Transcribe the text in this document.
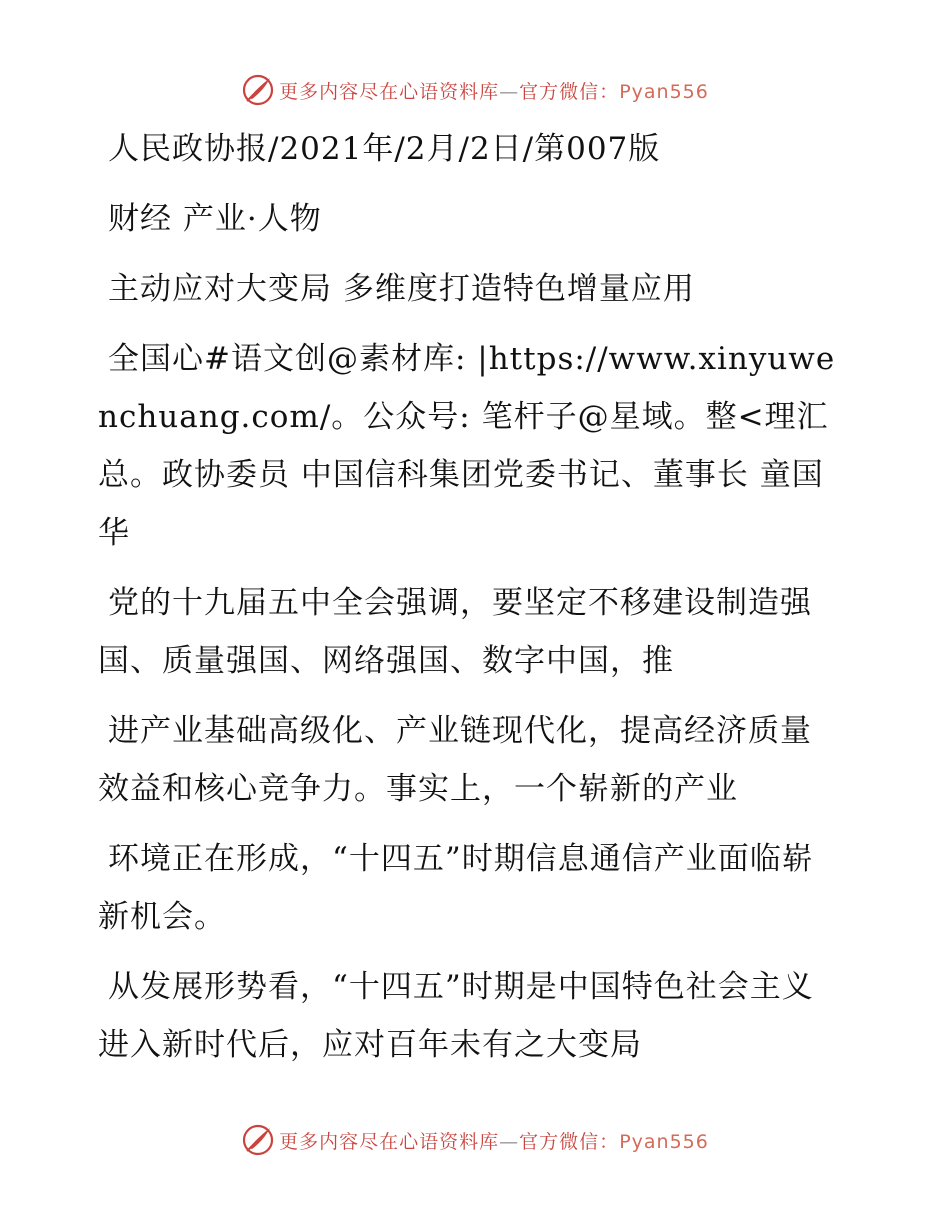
更多内容尽在心语资料库—官方微信：Pyan556

人民政协报/2021年/2月/2日/第007版

财经 产业·人物

主动应对大变局 多维度打造特色增量应用

全国心#语文创@素材库: |https://www.xinyuwenchuang.com/。公众号: 笔杆子@星域。整<理汇总。政协委员 中国信科集团党委书记、董事长 童国华

党的十九届五中全会强调，要坚定不移建设制造强国、质量强国、网络强国、数字中国，推

进产业基础高级化、产业链现代化，提高经济质量效益和核心竞争力。事实上，一个崭新的产业

环境正在形成，“十四五”时期信息通信产业面临崭新机会。

从发展形势看，“十四五”时期是中国特色社会主义进入新时代后，应对百年未有之大变局

更多内容尽在心语资料库—官方微信：Pyan556
